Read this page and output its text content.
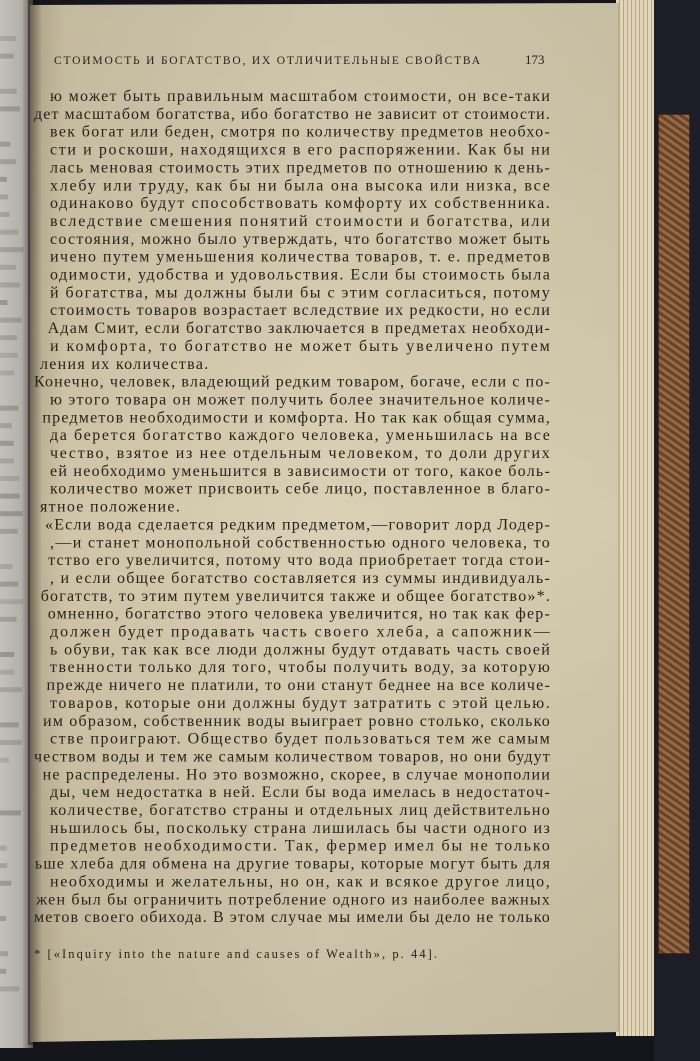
СТОИМОСТЬ И БОГАТСТВО, ИХ ОТЛИЧИТЕЛЬНЫЕ СВОЙСТВА	173
ю может быть правильным масштабом стоимости, он все-таки
дет масштабом богатства, ибо богатство не зависит от стоимости.
век богат или беден, смотря по количеству предметов необхо-
сти и роскоши, находящихся в его распоряжении. Как бы ни
лась меновая стоимость этих предметов по отношению к день-
хлебу или труду, как бы ни была она высока или низка, все
одинаково будут способствовать комфорту их собственника.
вследствие смешения понятий стоимости и богатства, или
состояния, можно было утверждать, что богатство может быть
ичено путем уменьшения количества товаров, т. е. предметов
одимости, удобства и удовольствия. Если бы стоимость была
й богатства, мы должны были бы с этим согласиться, потому
стоимость товаров возрастает вследствие их редкости, но если
Адам Смит, если богатство заключается в предметах необходи-
и комфорта, то богатство не может быть увеличено путем
ления их количества.
Конечно, человек, владеющий редким товаром, богаче, если с по-
ю этого товара он может получить более значительное количе-
предметов необходимости и комфорта. Но так как общая сумма,
да берется богатство каждого человека, уменьшилась на все
чество, взятое из нее отдельным человеком, то доли других
ей необходимо уменьшится в зависимости от того, какое боль-
количество может присвоить себе лицо, поставленное в благо-
ятное положение.
«Если вода сделается редким предметом,—говорит лорд Лодер-
,—и станет монопольной собственностью одного человека, то
тство его увеличится, потому что вода приобретает тогда стои-
, и если общее богатство составляется из суммы индивидуаль-
богатств, то этим путем увеличится также и общее богатство»*.
омненно, богатство этого человека увеличится, но так как фер-
должен будет продавать часть своего хлеба, а сапожник—
ь обуви, так как все люди должны будут отдавать часть своей
твенности только для того, чтобы получить воду, за которую
прежде ничего не платили, то они станут беднее на все количе-
товаров, которые они должны будут затратить с этой целью.
им образом, собственник воды выиграет ровно столько, сколько
стве проиграют. Общество будет пользоваться тем же самым
чеством воды и тем же самым количеством товаров, но они будут
не распределены. Но это возможно, скорее, в случае монополии
ды, чем недостатка в ней. Если бы вода имелась в недостаточ-
количестве, богатство страны и отдельных лиц действительно
ньшилось бы, поскольку страна лишилась бы части одного из
предметов необходимости. Так, фермер имел бы не только
ьше хлеба для обмена на другие товары, которые могут быть для
необходимы и желательны, но он, как и всякое другое лицо,
жен был бы ограничить потребление одного из наиболее важных
метов своего обихода. В этом случае мы имели бы дело не только
* [«Inquiry into the nature and causes of Wealth», p. 44].
